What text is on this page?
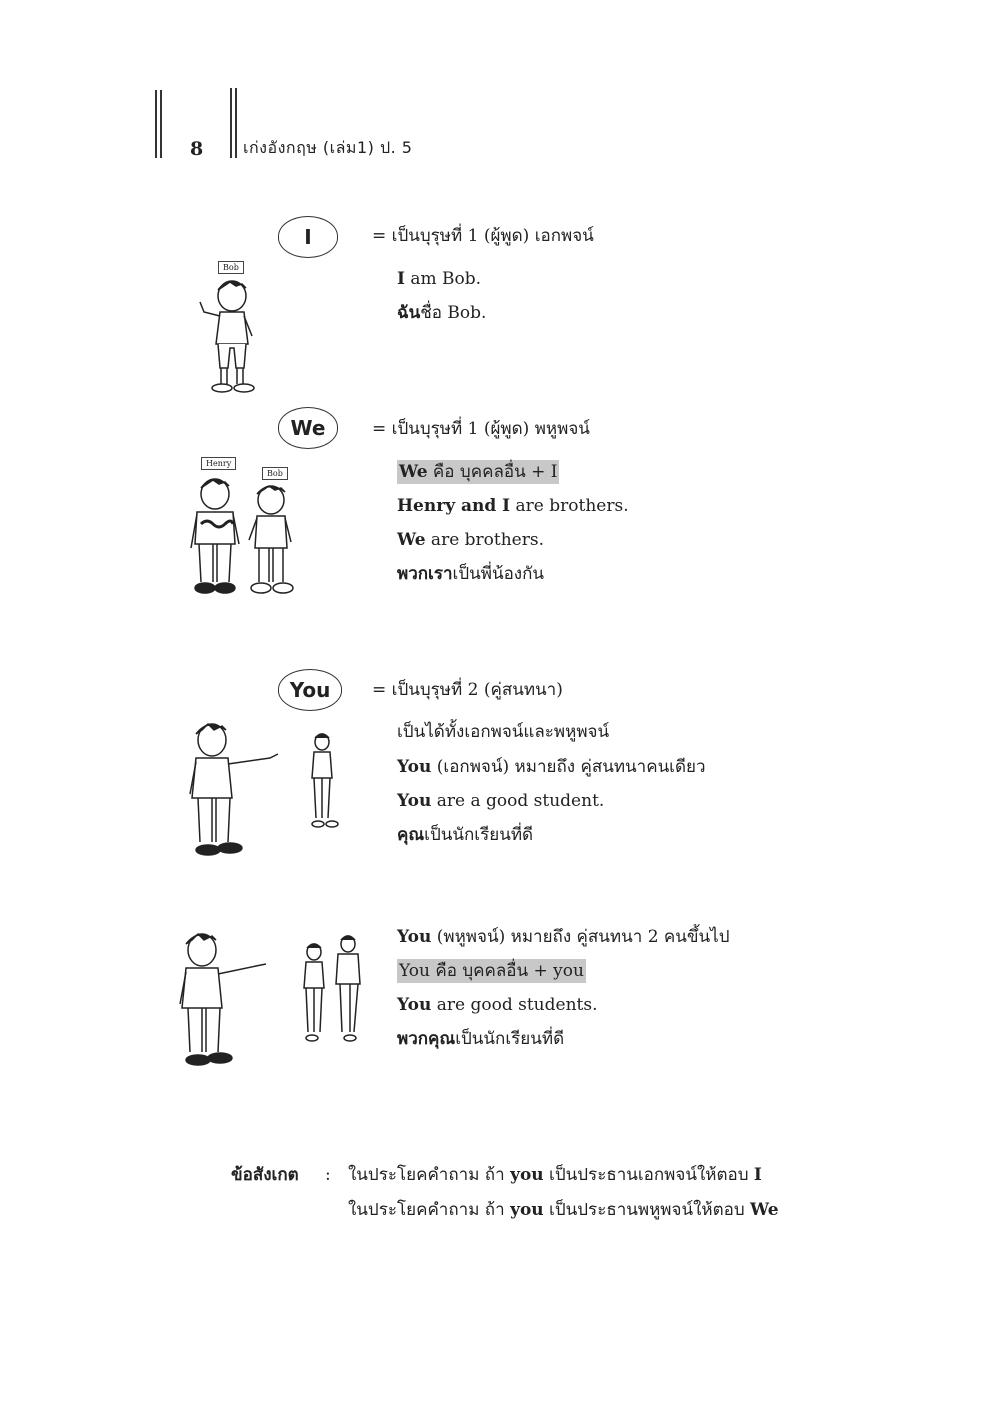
8 เก่งอังกฤษ (เล่ม1) ป. 5
I	= เป็นบุรุษที่ 1 (ผู้พูด) เอกพจน์
I am Bob.
ฉันชื่อ Bob.
Bob
We	= เป็นบุรุษที่ 1 (ผู้พูด) พหูพจน์
We คือ บุคคลอื่น + I
Henry and I are brothers.
We are brothers.
พวกเราเป็นพี่น้องกัน
Henry
Bob
You	= เป็นบุรุษที่ 2 (คู่สนทนา)
เป็นได้ทั้งเอกพจน์และพหูพจน์
You (เอกพจน์) หมายถึง คู่สนทนาคนเดียว
You are a good student.
คุณเป็นนักเรียนที่ดี
You (พหูพจน์) หมายถึง คู่สนทนา 2 คนขึ้นไป
You คือ บุคคลอื่น + you
You are good students.
พวกคุณเป็นนักเรียนที่ดี
ข้อสังเกต : ในประโยคคำถาม ถ้า you เป็นประธานเอกพจน์ให้ตอบ I
ในประโยคคำถาม ถ้า you เป็นประธานพหูพจน์ให้ตอบ We
